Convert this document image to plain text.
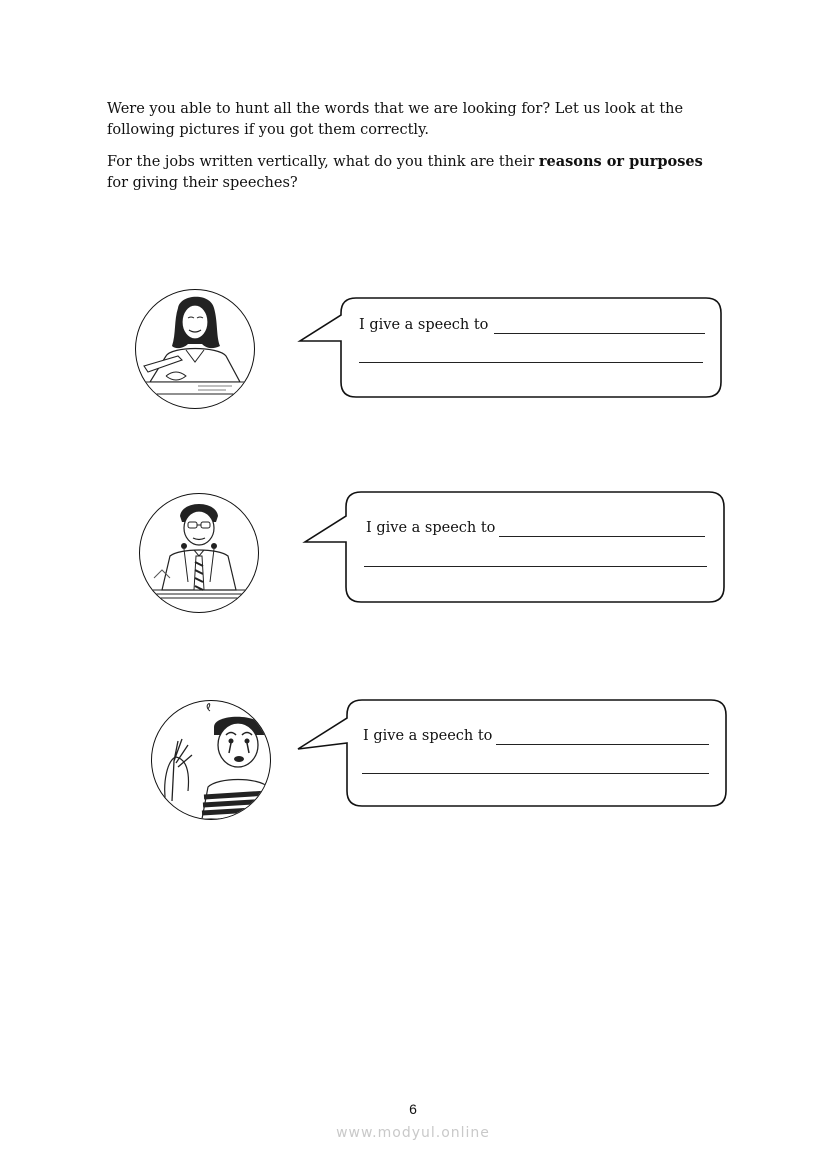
Were you able to hunt all the words that we are looking for? Let us look at the following pictures if you got them correctly.

For the jobs written vertically, what do you think are their reasons or purposes for giving their speeches?

I give a speech to
I give a speech to
I give a speech to
6
www.modyul.online
